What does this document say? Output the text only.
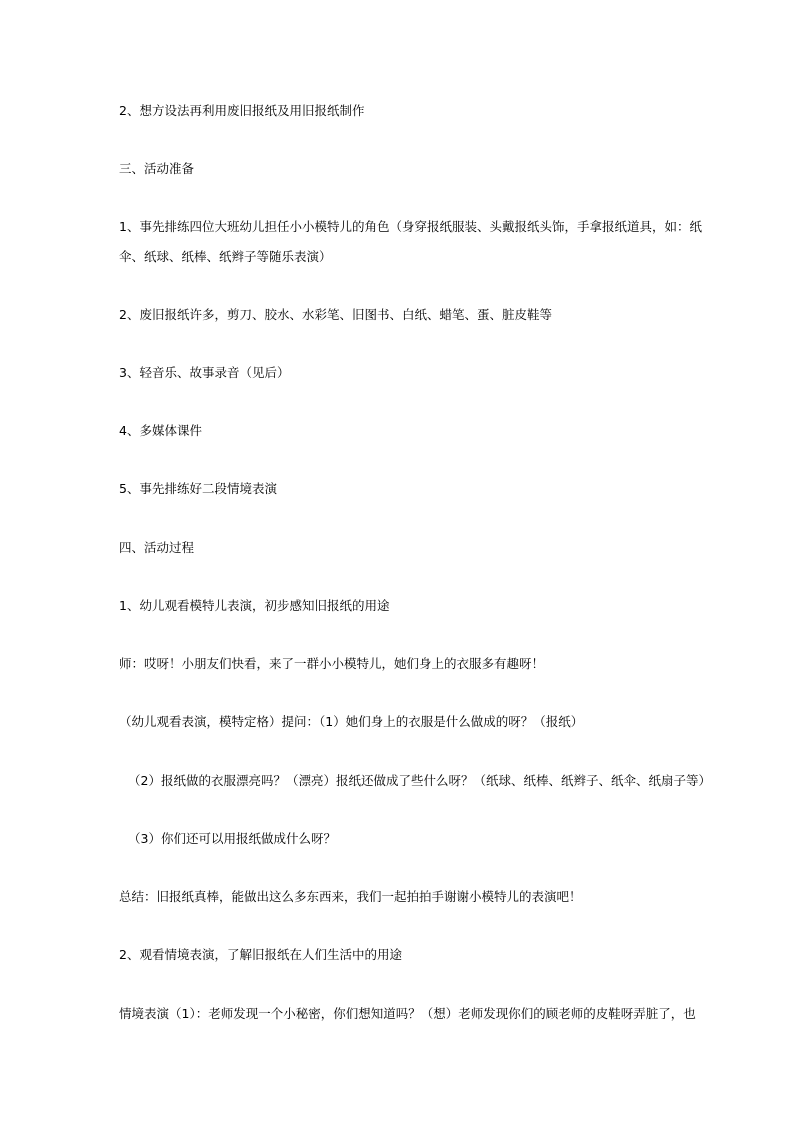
2、想方设法再利用废旧报纸及用旧报纸制作
三、活动准备
1、事先排练四位大班幼儿担任小小模特儿的角色（身穿报纸服装、头戴报纸头饰，手拿报纸道具，如：纸
伞、纸球、纸棒、纸辫子等随乐表演）
2、废旧报纸许多，剪刀、胶水、水彩笔、旧图书、白纸、蜡笔、蛋、脏皮鞋等
3、轻音乐、故事录音（见后）
4、多媒体课件
5、事先排练好二段情境表演
四、活动过程
1、幼儿观看模特儿表演，初步感知旧报纸的用途
师：哎呀！小朋友们快看，来了一群小小模特儿，她们身上的衣服多有趣呀！
（幼儿观看表演，模特定格）提问：（1）她们身上的衣服是什么做成的呀？（报纸）
（2）报纸做的衣服漂亮吗？（漂亮）报纸还做成了些什么呀？（纸球、纸棒、纸辫子、纸伞、纸扇子等）
（3）你们还可以用报纸做成什么呀？
总结：旧报纸真棒，能做出这么多东西来，我们一起拍拍手谢谢小模特儿的表演吧！
2、观看情境表演，了解旧报纸在人们生活中的用途
情境表演（1）：老师发现一个小秘密，你们想知道吗？（想）老师发现你们的顾老师的皮鞋呀弄脏了，也
